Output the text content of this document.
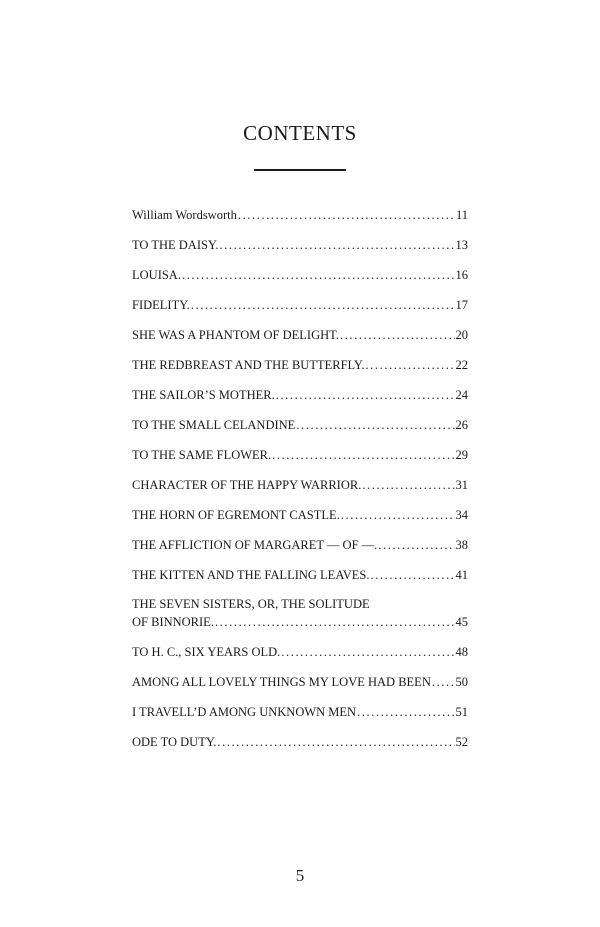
CONTENTS
William Wordsworth .....	11
TO THE DAISY. .....	13
LOUISA. .....	16
FIDELITY. .....	17
SHE WAS A PHANTOM OF DELIGHT. .....	20
THE REDBREAST AND THE BUTTERFLY. .....	22
THE SAILOR’S MOTHER. .....	24
TO THE SMALL CELANDINE .....	26
TO THE SAME FLOWER. .....	29
CHARACTER OF THE HAPPY WARRIOR. .....	31
THE HORN OF EGREMONT CASTLE. .....	34
THE AFFLICTION OF MARGARET — OF —. .....	38
THE KITTEN AND THE FALLING LEAVES. .....	41
THE SEVEN SISTERS, OR, THE SOLITUDE
OF BINNORIE. .....	45
TO H. C., SIX YEARS OLD. .....	48
AMONG ALL LOVELY THINGS MY LOVE HAD BEEN ..... 50
I TRAVELL’D AMONG UNKNOWN MEN .....	51
ODE TO DUTY. .....	52
5
